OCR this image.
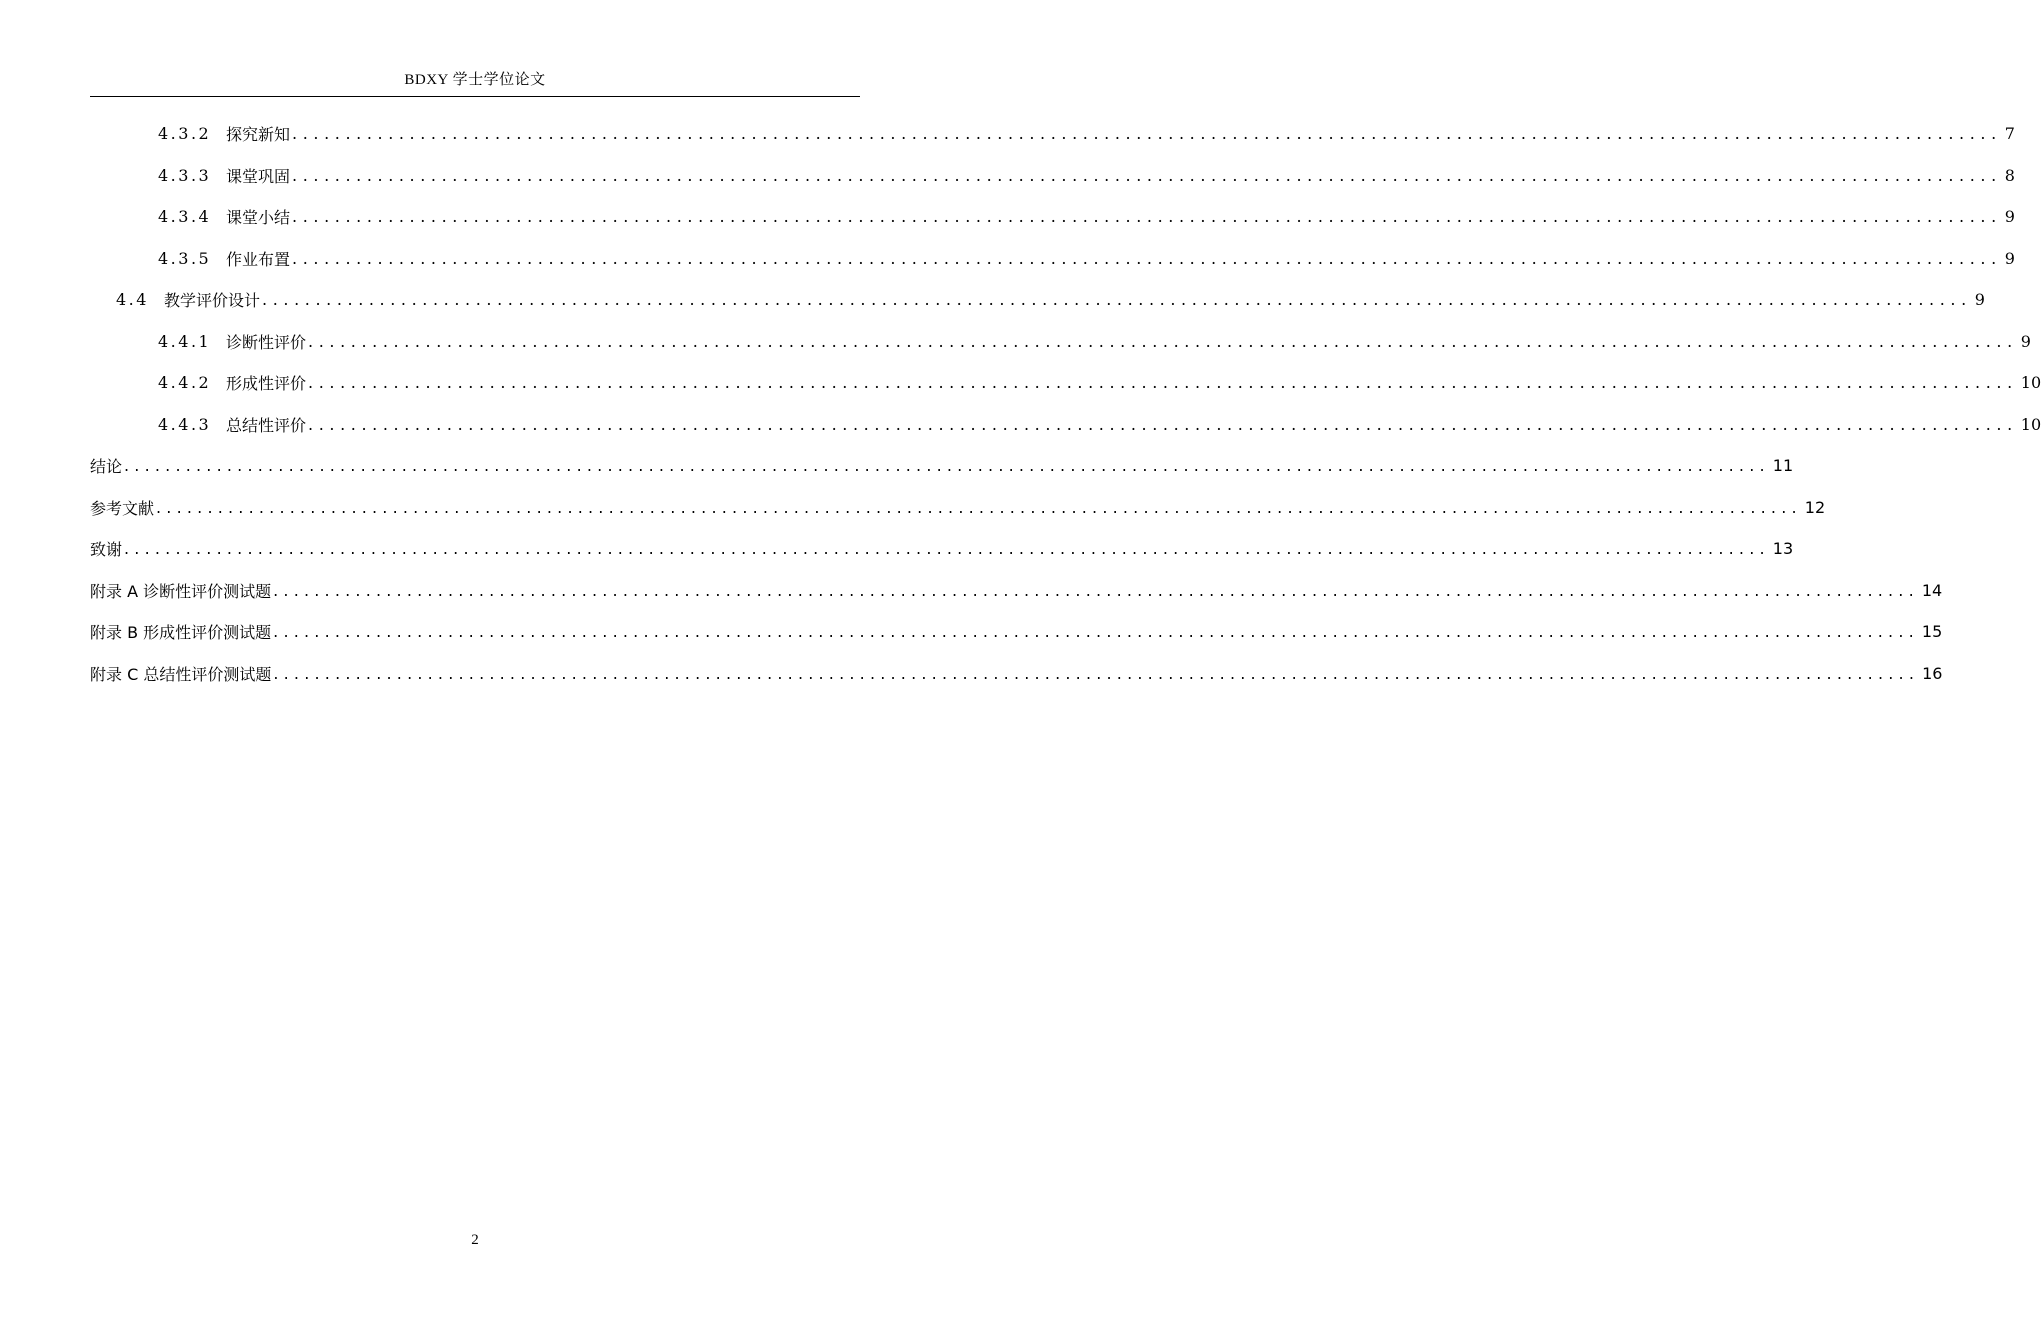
BDXY 学士学位论文
4.3.2 探究新知 ................................................................................................................................................................ 7
4.3.3 课堂巩固 ................................................................................................................................................................ 8
4.3.4 课堂小结 ................................................................................................................................................................ 9
4.3.5 作业布置 ................................................................................................................................................................ 9
4.4 教学评价设计 ................................................................................................................................................................ 9
4.4.1 诊断性评价 ................................................................................................................................................................ 9
4.4.2 形成性评价 ................................................................................................................................................................ 10
4.4.3 总结性评价 ................................................................................................................................................................ 10
结论 ................................................................................................................................................................ 11
参考文献 ................................................................................................................................................................ 12
致谢 ................................................................................................................................................................ 13
附录 A 诊断性评价测试题 ................................................................................................................................................................ 14
附录 B 形成性评价测试题 ................................................................................................................................................................ 15
附录 C 总结性评价测试题 ................................................................................................................................................................ 16
2
